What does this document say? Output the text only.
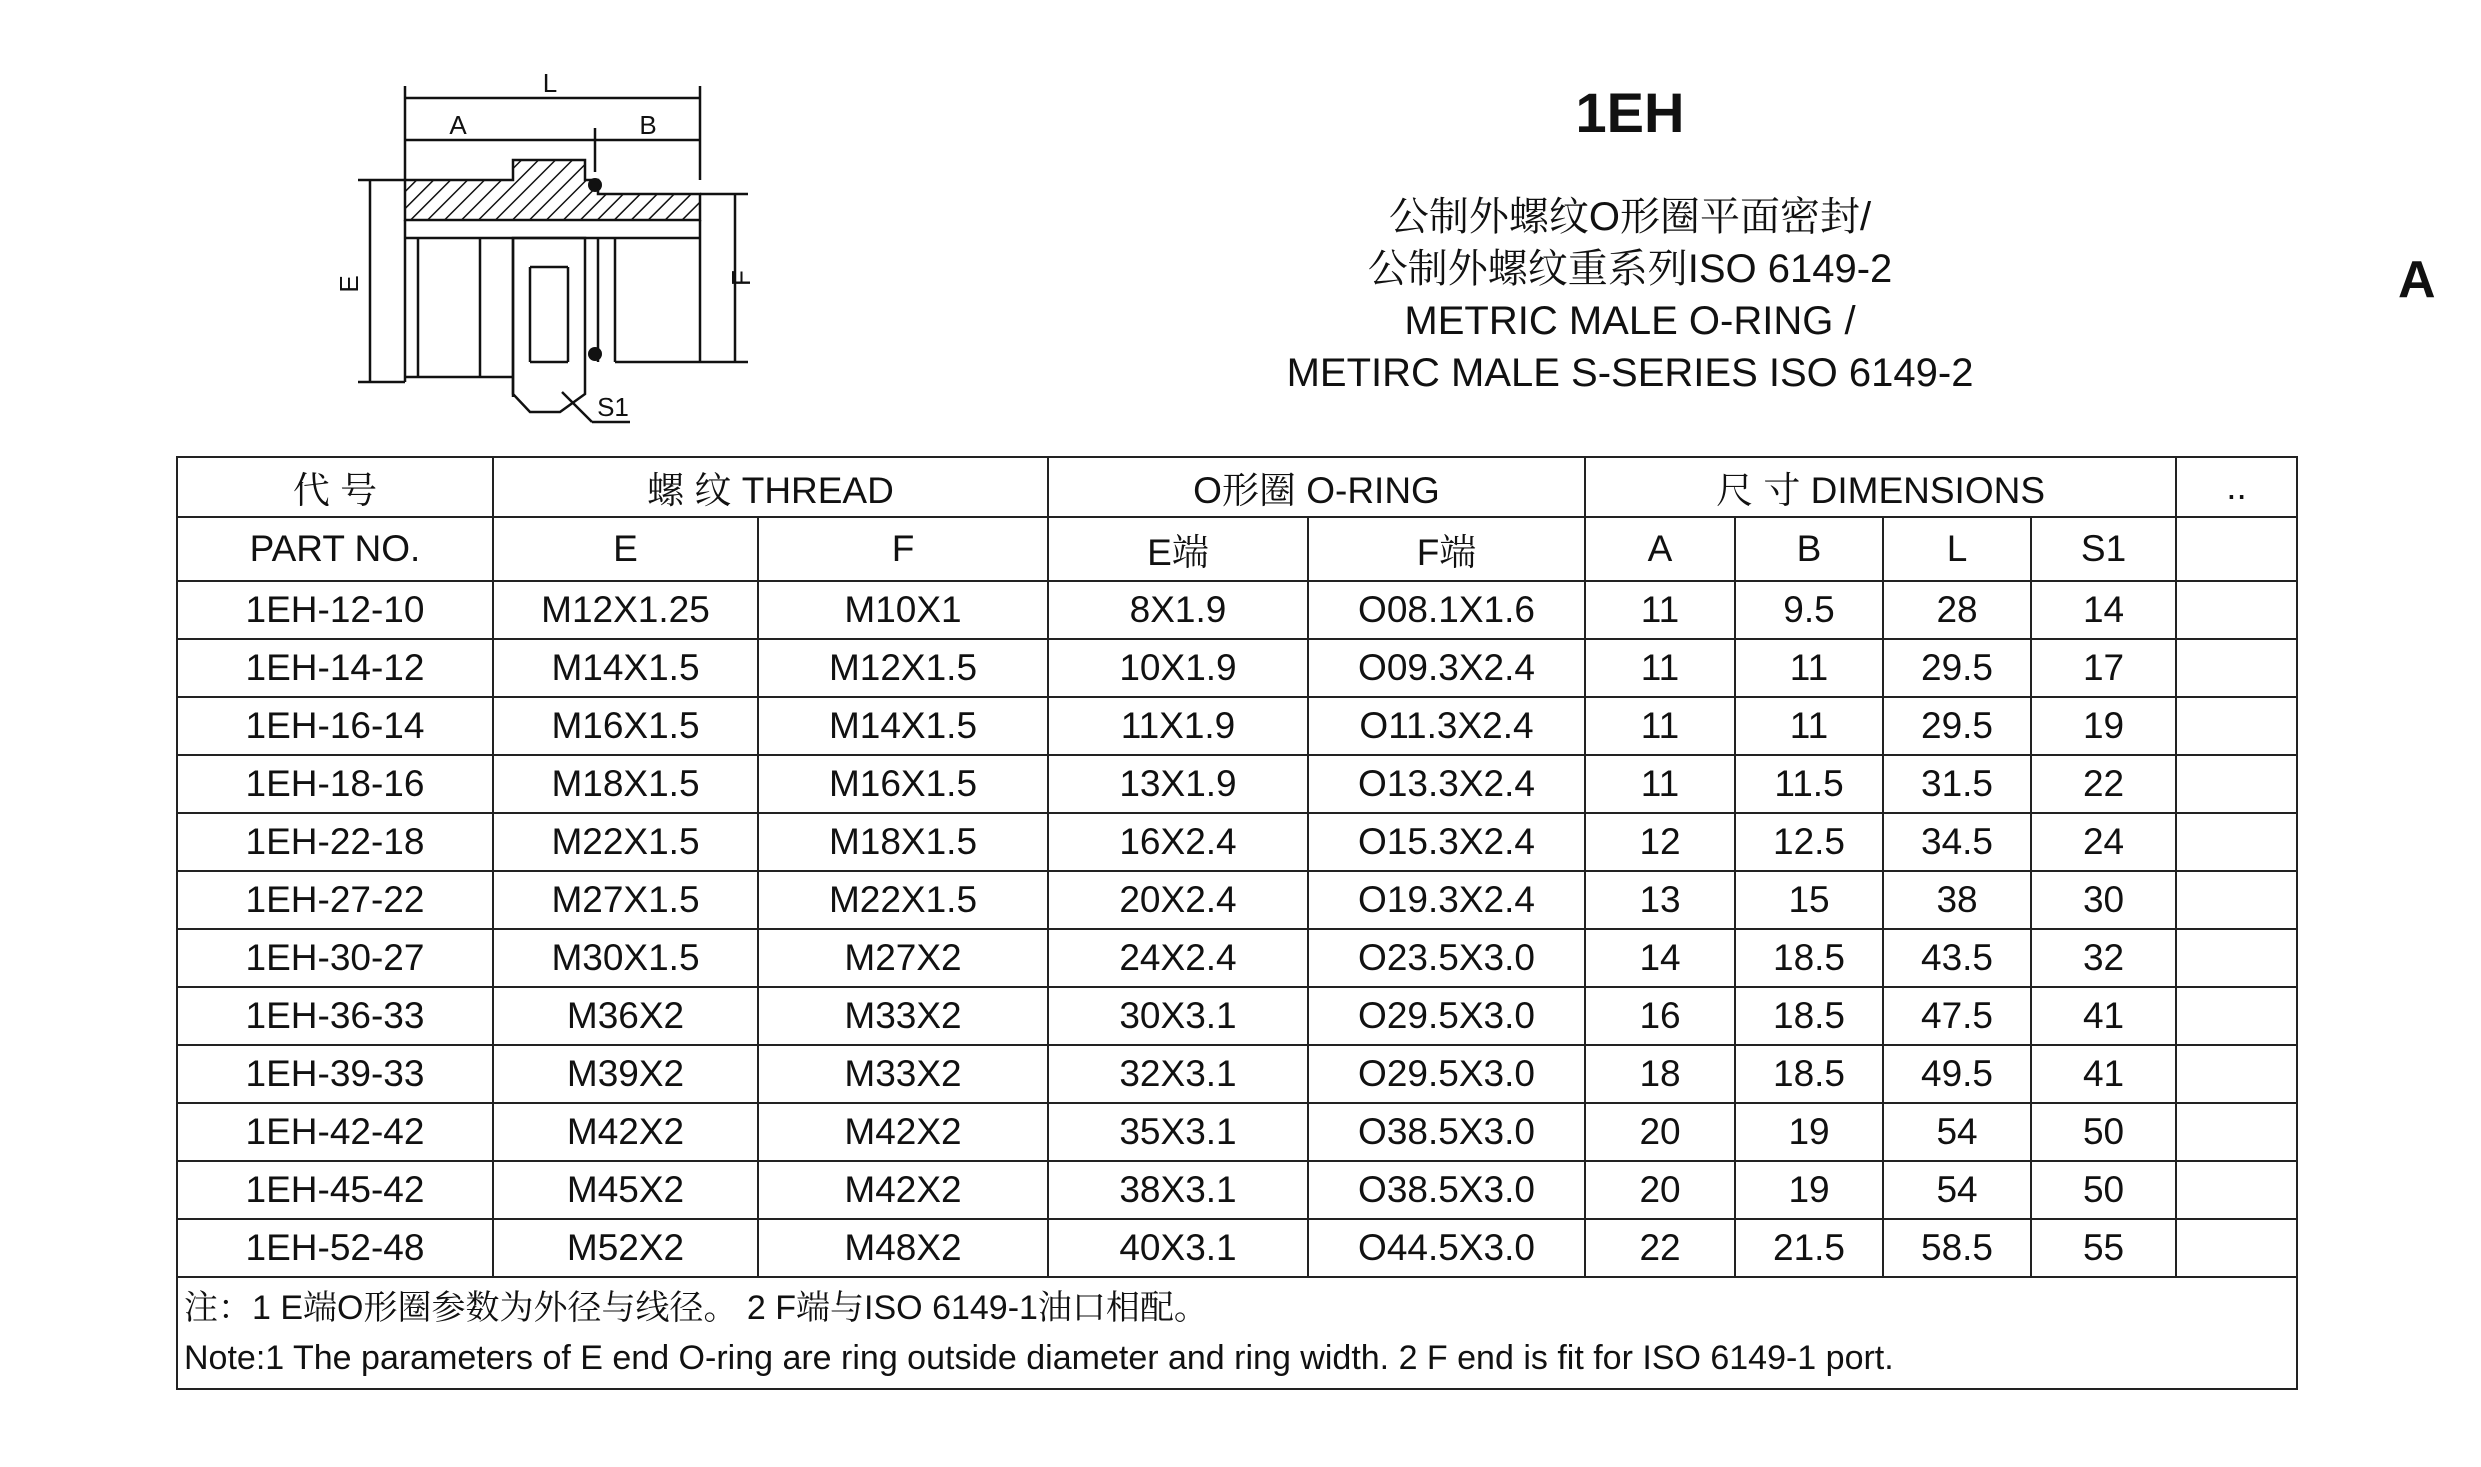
L
A	B
E	F
S1
1EH
公制外螺纹O形圈平面密封/
公制外螺纹重系列ISO 6149-2
METRIC MALE O-RING /
METIRC MALE S-SERIES ISO 6149-2
A
代 号	螺 纹 THREAD		O形圈 O-RING		尺 寸 DIMENSIONS				..
PART NO.	E	F	E端	F端	A	B	L	S1	
1EH-12-10	M12X1.25	M10X1	8X1.9	O08.1X1.6	11	9.5	28	14	
1EH-14-12	M14X1.5	M12X1.5	10X1.9	O09.3X2.4	11	11	29.5	17	
1EH-16-14	M16X1.5	M14X1.5	11X1.9	O11.3X2.4	11	11	29.5	19	
1EH-18-16	M18X1.5	M16X1.5	13X1.9	O13.3X2.4	11	11.5	31.5	22	
1EH-22-18	M22X1.5	M18X1.5	16X2.4	O15.3X2.4	12	12.5	34.5	24	
1EH-27-22	M27X1.5	M22X1.5	20X2.4	O19.3X2.4	13	15	38	30	
1EH-30-27	M30X1.5	M27X2	24X2.4	O23.5X3.0	14	18.5	43.5	32	
1EH-36-33	M36X2	M33X2	30X3.1	O29.5X3.0	16	18.5	47.5	41	
1EH-39-33	M39X2	M33X2	32X3.1	O29.5X3.0	18	18.5	49.5	41	
1EH-42-42	M42X2	M42X2	35X3.1	O38.5X3.0	20	19	54	50	
1EH-45-42	M45X2	M42X2	38X3.1	O38.5X3.0	20	19	54	50	
1EH-52-48	M52X2	M48X2	40X3.1	O44.5X3.0	22	21.5	58.5	55	

注：1 E端O形圈参数为外径与线径。 2 F端与ISO 6149-1油口相配。
Note:1 The parameters of E end O-ring are ring outside diameter and ring width. 2 F end is fit for ISO 6149-1 port.									
